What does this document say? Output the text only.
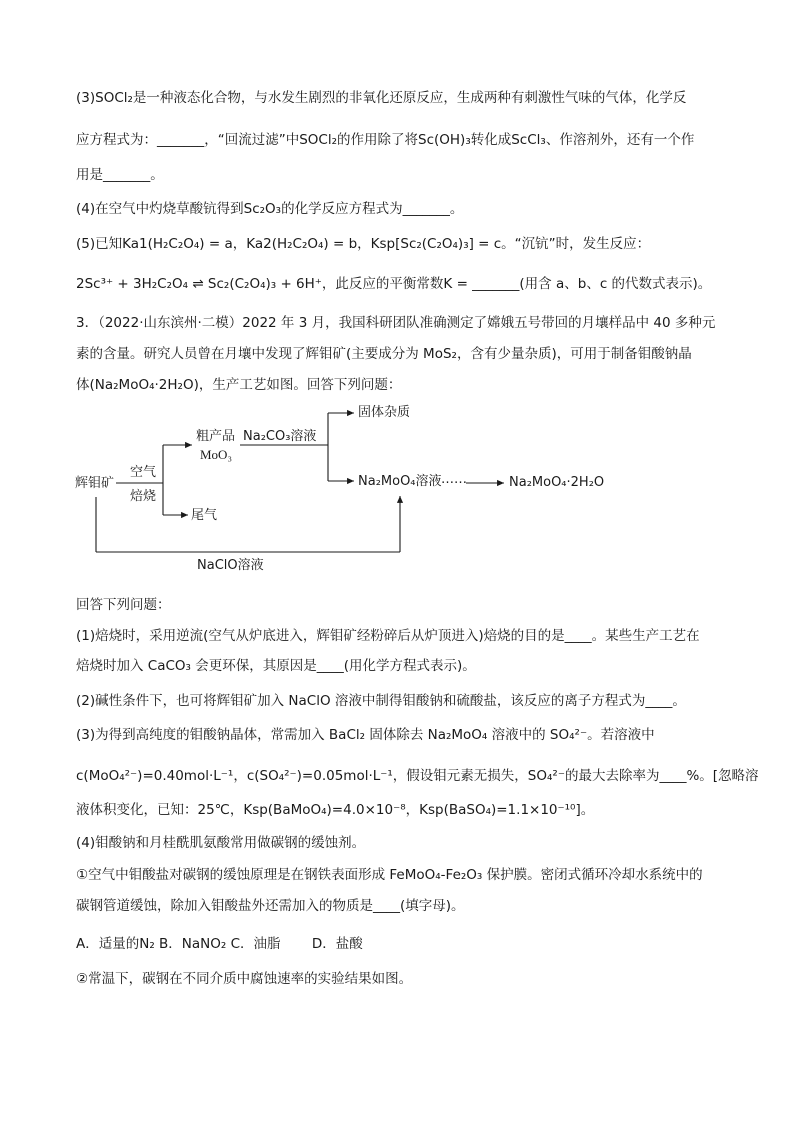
(3)SOCl₂是一种液态化合物，与水发生剧烈的非氧化还原反应，生成两种有刺激性气味的气体，化学反
应方程式为：_______，“回流过滤”中SOCl₂的作用除了将Sc(OH)₃转化成ScCl₃、作溶剂外，还有一个作
用是_______。
(4)在空气中灼烧草酸钪得到Sc₂O₃的化学反应方程式为_______。
(5)已知Ka1(H₂C₂O₄) = a，Ka2(H₂C₂O₄) = b，Ksp[Sc₂(C₂O₄)₃] = c。“沉钪”时，发生反应：
2Sc³⁺ + 3H₂C₂O₄ ⇌ Sc₂(C₂O₄)₃ + 6H⁺，此反应的平衡常数K = _______(用含 a、b、c 的代数式表示)。
3．（2022·山东滨州·二模）2022 年 3 月，我国科研团队准确测定了嫦娥五号带回的月壤样品中 40 多种元
素的含量。研究人员曾在月壤中发现了辉钼矿(主要成分为 MoS₂，含有少量杂质)，可用于制备钼酸钠晶
体(Na₂MoO₄·2H₂O)，生产工艺如图。回答下列问题：
辉钼矿
空气
焙烧
粗产品
MoO₃
Na₂CO₃溶液
固体杂质
尾气
Na₂MoO₄溶液 ……	Na₂MoO₄·2H₂O
NaClO溶液
回答下列问题：
(1)焙烧时，采用逆流(空气从炉底进入，辉钼矿经粉碎后从炉顶进入)焙烧的目的是____。某些生产工艺在
焙烧时加入 CaCO₃ 会更环保，其原因是____(用化学方程式表示)。
(2)碱性条件下，也可将辉钼矿加入 NaClO 溶液中制得钼酸钠和硫酸盐，该反应的离子方程式为____。
(3)为得到高纯度的钼酸钠晶体，常需加入 BaCl₂ 固体除去 Na₂MoO₄ 溶液中的 SO₄²⁻。若溶液中
c(MoO₄²⁻)=0.40mol·L⁻¹，c(SO₄²⁻)=0.05mol·L⁻¹，假设钼元素无损失，SO₄²⁻的最大去除率为____%。[忽略溶
液体积变化，已知：25℃，Ksp(BaMoO₄)=4.0×10⁻⁸，Ksp(BaSO₄)=1.1×10⁻¹⁰]。
(4)钼酸钠和月桂酰肌氨酸常用做碳钢的缓蚀剂。
①空气中钼酸盐对碳钢的缓蚀原理是在钢铁表面形成 FeMoO₄-Fe₂O₃ 保护膜。密闭式循环冷却水系统中的
碳钢管道缓蚀，除加入钼酸盐外还需加入的物质是____(填字母)。
A．适量的N₂ B．NaNO₂ C．油脂　　 D．盐酸
②常温下，碳钢在不同介质中腐蚀速率的实验结果如图。
